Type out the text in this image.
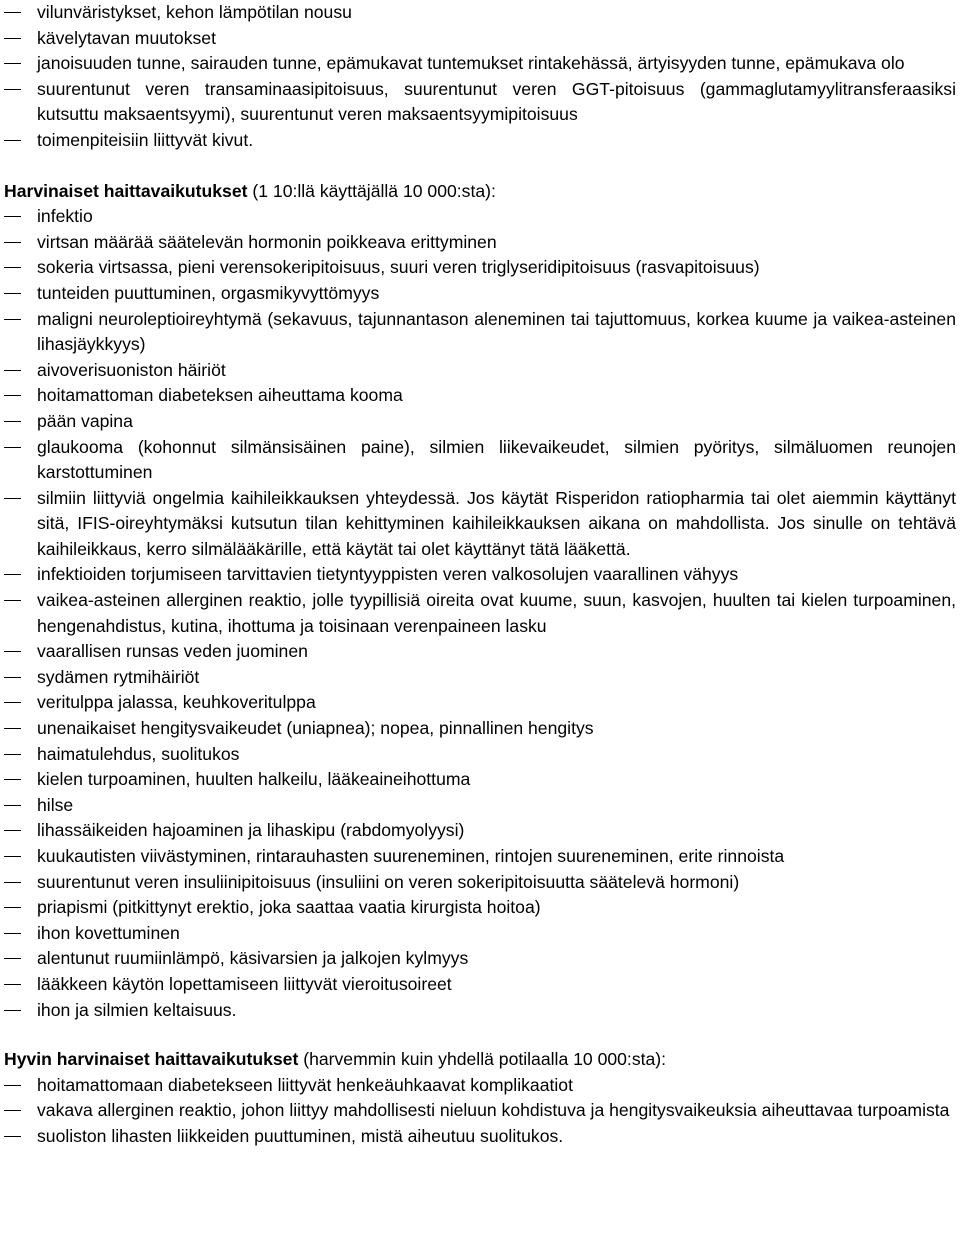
vilunväristykset, kehon lämpötilan nousu
kävelytavan muutokset
janoisuuden tunne, sairauden tunne, epämukavat tuntemukset rintakehässä, ärtyisyyden tunne, epämukava olo
suurentunut veren transaminaasipitoisuus, suurentunut veren GGT-pitoisuus (gammaglutamyylitransferaasiksi kutsuttu maksaentsyymi), suurentunut veren maksaentsyymipitoisuus
toimenpiteisiin liittyvät kivut.

Harvinaiset haittavaikutukset (1 10:llä käyttäjällä 10 000:sta):

infektio
virtsan määrää säätelevän hormonin poikkeava erittyminen
sokeria virtsassa, pieni verensokeripitoisuus, suuri veren triglyseridipitoisuus (rasvapitoisuus)
tunteiden puuttuminen, orgasmikyvyttömyys
maligni neuroleptioireyhtymä (sekavuus, tajunnantason aleneminen tai tajuttomuus, korkea kuume ja vaikea-asteinen lihasjäykkyys)
aivoverisuoniston häiriöt
hoitamattoman diabeteksen aiheuttama kooma
pään vapina
glaukooma (kohonnut silmänsisäinen paine), silmien liikevaikeudet, silmien pyöritys, silmäluomen reunojen karstottuminen
silmiin liittyviä ongelmia kaihileikkauksen yhteydessä. Jos käytät Risperidon ratiopharmia tai olet aiemmin käyttänyt sitä, IFIS-oireyhtymäksi kutsutun tilan kehittyminen kaihileikkauksen aikana on mahdollista. Jos sinulle on tehtävä kaihileikkaus, kerro silmälääkärille, että käytät tai olet käyttänyt tätä lääkettä.
infektioiden torjumiseen tarvittavien tietyntyyppisten veren valkosolujen vaarallinen vähyys
vaikea-asteinen allerginen reaktio, jolle tyypillisiä oireita ovat kuume, suun, kasvojen, huulten tai kielen turpoaminen, hengenahdistus, kutina, ihottuma ja toisinaan verenpaineen lasku
vaarallisen runsas veden juominen
sydämen rytmihäiriöt
veritulppa jalassa, keuhkoveritulppa
unenaikaiset hengitysvaikeudet (uniapnea); nopea, pinnallinen hengitys
haimatulehdus, suolitukos
kielen turpoaminen, huulten halkeilu, lääkeaineihottuma
hilse
lihassäikeiden hajoaminen ja lihaskipu (rabdomyolyysi)
kuukautisten viivästyminen, rintarauhasten suureneminen, rintojen suureneminen, erite rinnoista
suurentunut veren insuliinipitoisuus (insuliini on veren sokeripitoisuutta säätelevä hormoni)
priapismi (pitkittynyt erektio, joka saattaa vaatia kirurgista hoitoa)
ihon kovettuminen
alentunut ruumiinlämpö, käsivarsien ja jalkojen kylmyys
lääkkeen käytön lopettamiseen liittyvät vieroitusoireet
ihon ja silmien keltaisuus.

Hyvin harvinaiset haittavaikutukset (harvemmin kuin yhdellä potilaalla 10 000:sta):

hoitamattomaan diabetekseen liittyvät henkeäuhkaavat komplikaatiot
vakava allerginen reaktio, johon liittyy mahdollisesti nieluun kohdistuva ja hengitysvaikeuksia aiheuttavaa turpoamista
suoliston lihasten liikkeiden puuttuminen, mistä aiheutuu suolitukos.
